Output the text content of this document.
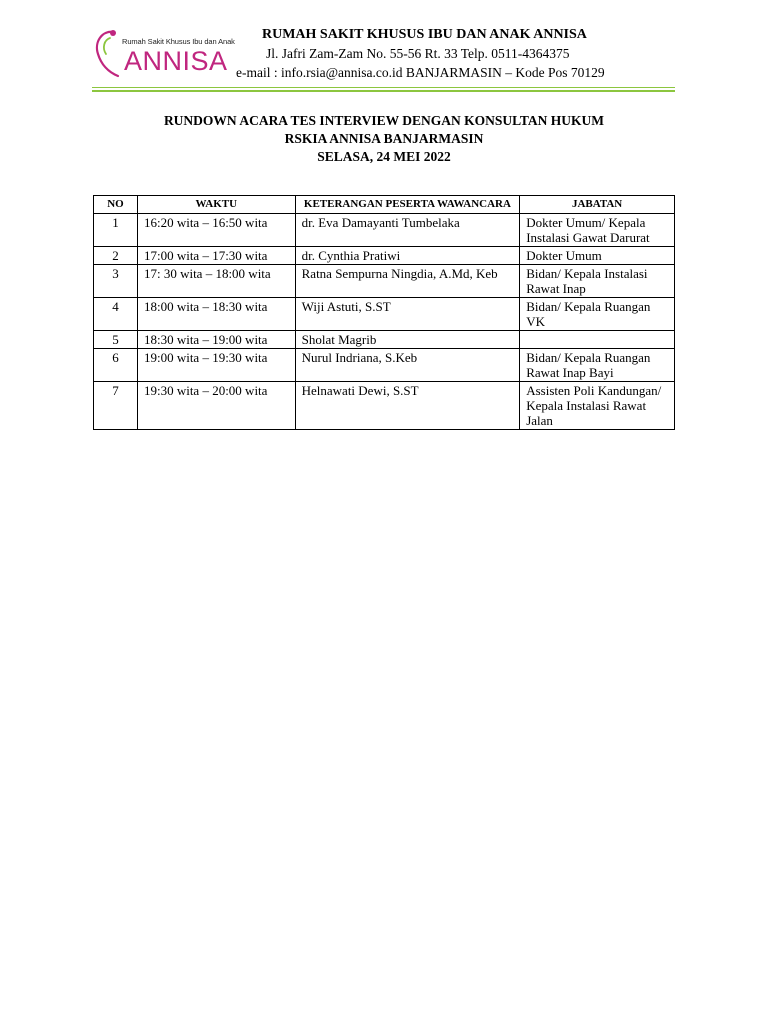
Rumah Sakit Khusus Ibu dan Anak
ANNISA
RUMAH SAKIT KHUSUS IBU DAN ANAK ANNISA
Jl. Jafri Zam-Zam No. 55-56 Rt. 33 Telp. 0511-4364375
e-mail : info.rsia@annisa.co.id BANJARMASIN – Kode Pos 70129
RUNDOWN ACARA TES INTERVIEW DENGAN KONSULTAN HUKUM
RSKIA ANNISA BANJARMASIN
SELASA, 24 MEI 2022
NO	WAKTU	KETERANGAN PESERTA WAWANCARA	JABATAN
1	16:20 wita – 16:50 wita	dr. Eva Damayanti Tumbelaka	Dokter Umum/ Kepala Instalasi Gawat Darurat
2	17:00 wita – 17:30 wita	dr. Cynthia Pratiwi	Dokter Umum
3	17: 30 wita – 18:00 wita	Ratna Sempurna Ningdia, A.Md, Keb	Bidan/ Kepala Instalasi Rawat Inap
4	18:00 wita – 18:30 wita	Wiji Astuti, S.ST	Bidan/ Kepala Ruangan VK
5	18:30 wita – 19:00 wita	Sholat Magrib	
6	19:00 wita – 19:30 wita	Nurul Indriana, S.Keb	Bidan/ Kepala Ruangan Rawat Inap Bayi
7	19:30 wita – 20:00 wita	Helnawati Dewi, S.ST	Assisten Poli Kandungan/ Kepala Instalasi Rawat Jalan
